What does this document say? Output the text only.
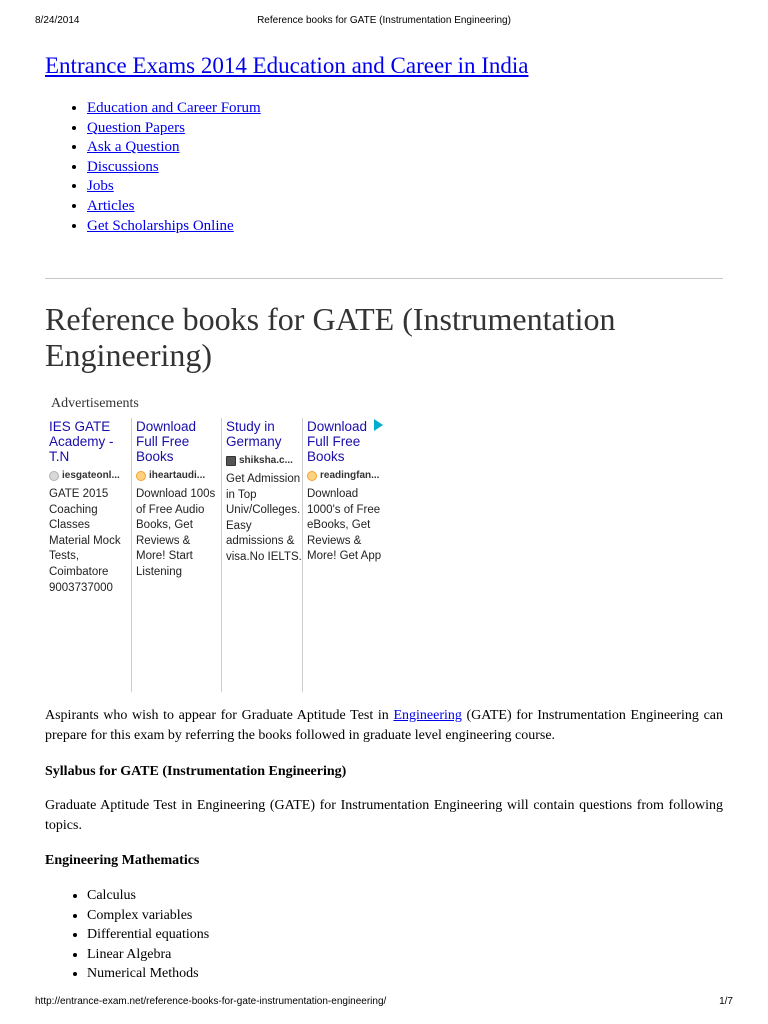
8/24/2014	Reference books for GATE (Instrumentation Engineering)
Entrance Exams 2014 Education and Career in India
• Education and Career Forum
• Question Papers
• Ask a Question
• Discussions
• Jobs
• Articles
• Get Scholarships Online
Reference books for GATE (Instrumentation Engineering)
Advertisements
IES GATE Academy - T.N
iesgateonl...
GATE 2015 Coaching Classes Material Mock Tests, Coimbatore 9003737000
Download Full Free Books
iheartaudi...
Download 100s of Free Audio Books, Get Reviews & More! Start Listening
Study in Germany
shiksha.c...
Get Admission in Top Univ/Colleges. Easy admissions & visa.No IELTS.
Download Full Free Books
readingfan...
Download 1000's of Free eBooks, Get Reviews & More! Get App

Aspirants who wish to appear for Graduate Aptitude Test in Engineering (GATE) for Instrumentation Engineering can prepare for this exam by referring the books followed in graduate level engineering course.

Syllabus for GATE (Instrumentation Engineering)

Graduate Aptitude Test in Engineering (GATE) for Instrumentation Engineering will contain questions from following topics.

Engineering Mathematics
• Calculus
• Complex variables
• Differential equations
• Linear Algebra
• Numerical Methods
http://entrance-exam.net/reference-books-for-gate-instrumentation-engineering/	1/7
